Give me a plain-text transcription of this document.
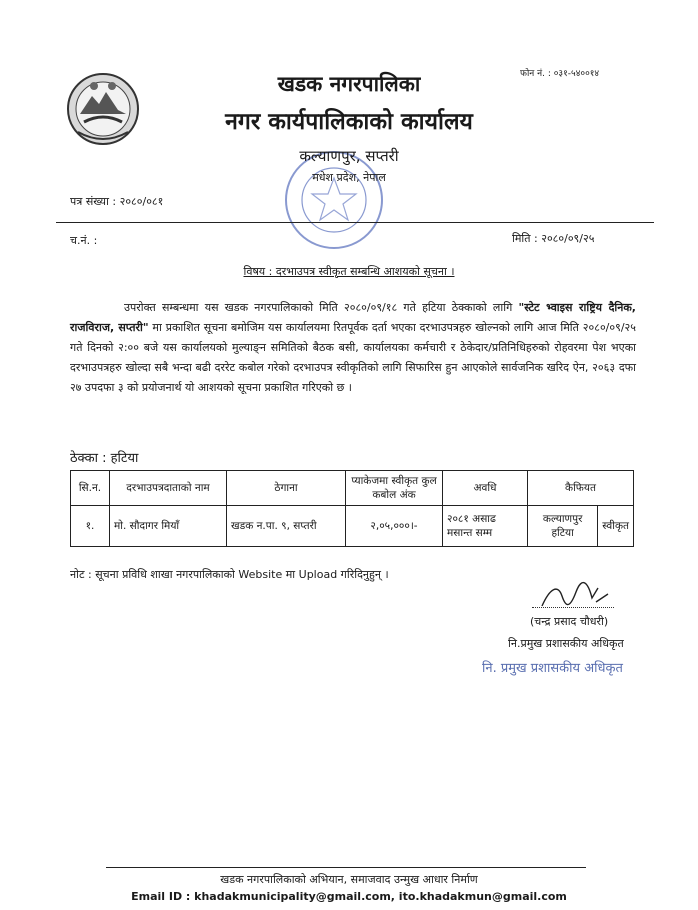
फोन नं. : ०३१-५४००१४
खडक नगरपालिका
नगर कार्यपालिकाको कार्यालय
कल्याणपुर, सप्तरी
मधेश प्रदेश, नेपाल
पत्र संख्या : २०८०/०८१
च.नं. :	मिति : २०८०/०९/२५
विषय : दरभाउपत्र स्वीकृत सम्बन्धि आशयको सूचना ।

उपरोक्त सम्बन्धमा यस खडक नगरपालिकाको मिति २०८०/०९/१८ गते हटिया ठेक्काको लागि "स्टेट भ्वाइस राष्ट्रिय दैनिक, राजविराज, सप्तरी" मा प्रकाशित सूचना बमोजिम यस कार्यालयमा रितपूर्वक दर्ता भएका दरभाउपत्रहरु खोल्नको लागि आज मिति २०८०/०९/२५ गते दिनको २:०० बजे यस कार्यालयको मुल्याङ्न समितिको बैठक बसी, कार्यालयका कर्मचारी र ठेकेदार/प्रतिनिधिहरुको रोहवरमा पेश भएका दरभाउपत्रहरु खोल्दा सबै भन्दा बढी दररेट कबोल गरेको दरभाउपत्र स्वीकृतिको लागि सिफारिस हुन आएकोले सार्वजनिक खरिद ऐन, २०६३ दफा २७ उपदफा ३ को प्रयोजनार्थ यो आशयको सूचना प्रकाशित गरिएको छ ।

ठेक्का : हटिया
सि.न.	दरभाउपत्रदाताको नाम	ठेगाना	प्याकेजमा स्वीकृत कुल कबोल अंक	अवधि	कैफियत	
१.	मो. सौदागर मियाँ	खडक न.पा. ९, सप्तरी	२,०५,०००।-	२०८१ असाढ मसान्त सम्म	कल्याणपुर हटिया	स्वीकृत
नोट : सूचना प्रविधि शाखा नगरपालिकाको Website मा Upload गरिदिनुहुन् ।
(चन्द्र प्रसाद चौधरी)
नि.प्रमुख प्रशासकीय अधिकृत
नि. प्रमुख प्रशासकीय अधिकृत
खडक नगरपालिकाको अभियान, समाजवाद उन्मुख आधार निर्माण
Email ID : khadakmunicipality@gmail.com, ito.khadakmun@gmail.com
